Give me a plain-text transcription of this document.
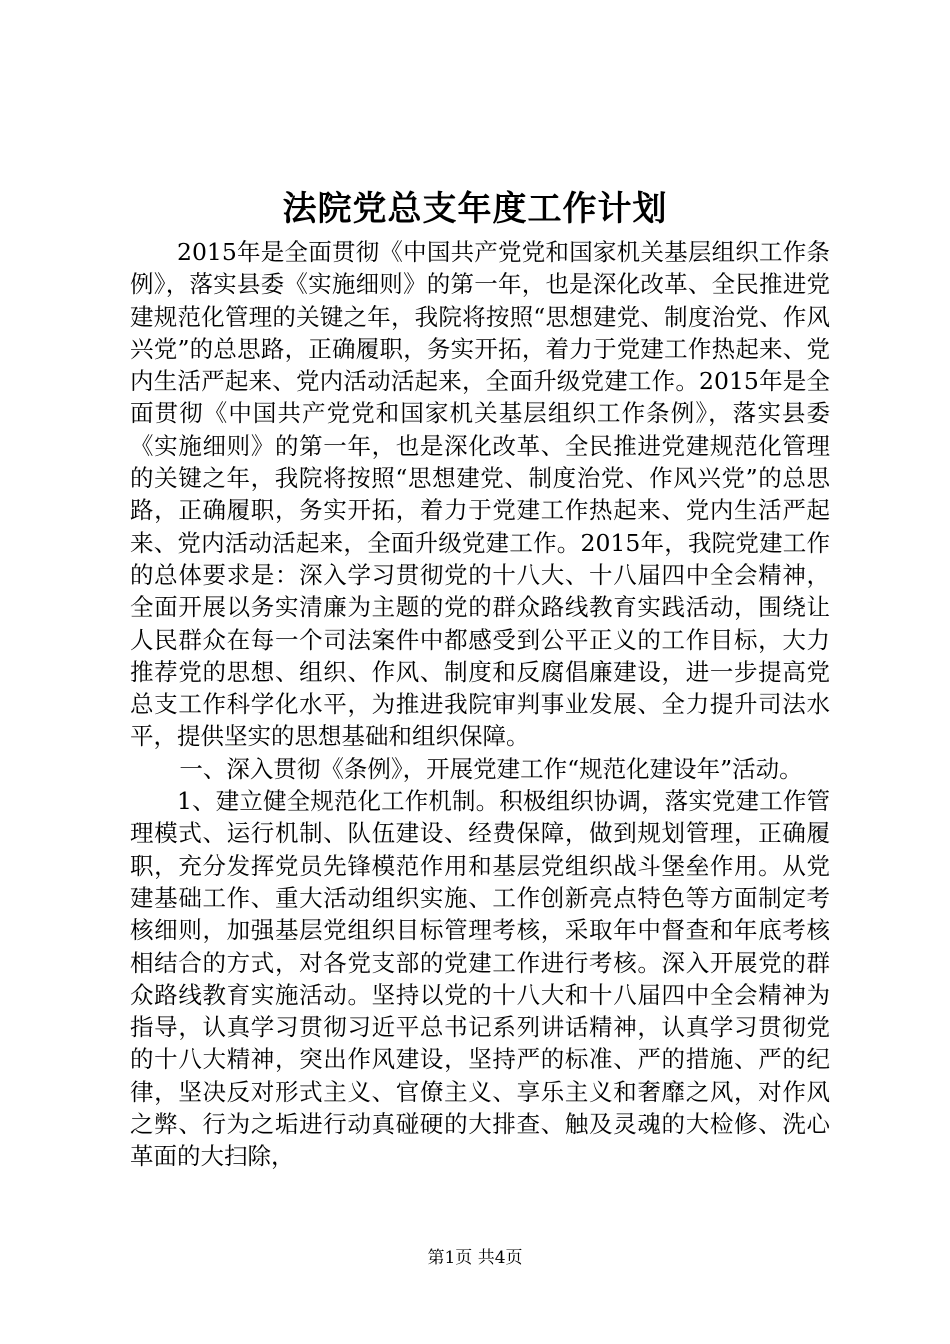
法院党总支年度工作计划

2015年是全面贯彻《中国共产党党和国家机关基层组织工作条例》，落实县委《实施细则》的第一年，也是深化改革、全民推进党建规范化管理的关键之年，我院将按照“思想建党、制度治党、作风兴党”的总思路，正确履职，务实开拓，着力于党建工作热起来、党内生活严起来、党内活动活起来，全面升级党建工作。2015年是全面贯彻《中国共产党党和国家机关基层组织工作条例》，落实县委《实施细则》的第一年，也是深化改革、全民推进党建规范化管理的关键之年，我院将按照“思想建党、制度治党、作风兴党”的总思路，正确履职，务实开拓，着力于党建工作热起来、党内生活严起来、党内活动活起来，全面升级党建工作。2015年，我院党建工作的总体要求是：深入学习贯彻党的十八大、十八届四中全会精神，全面开展以务实清廉为主题的党的群众路线教育实践活动，围绕让人民群众在每一个司法案件中都感受到公平正义的工作目标，大力推荐党的思想、组织、作风、制度和反腐倡廉建设，进一步提高党总支工作科学化水平，为推进我院审判事业发展、全力提升司法水平，提供坚实的思想基础和组织保障。

一、深入贯彻《条例》，开展党建工作“规范化建设年”活动。

1、建立健全规范化工作机制。积极组织协调，落实党建工作管理模式、运行机制、队伍建设、经费保障，做到规划管理，正确履职，充分发挥党员先锋模范作用和基层党组织战斗堡垒作用。从党建基础工作、重大活动组织实施、工作创新亮点特色等方面制定考核细则，加强基层党组织目标管理考核，采取年中督查和年底考核相结合的方式，对各党支部的党建工作进行考核。深入开展党的群众路线教育实施活动。坚持以党的十八大和十八届四中全会精神为指导，认真学习贯彻习近平总书记系列讲话精神，认真学习贯彻党的十八大精神，突出作风建设，坚持严的标准、严的措施、严的纪律，坚决反对形式主义、官僚主义、享乐主义和奢靡之风，对作风之弊、行为之垢进行动真碰硬的大排查、触及灵魂的大检修、洗心革面的大扫除，

第1页 共4页
